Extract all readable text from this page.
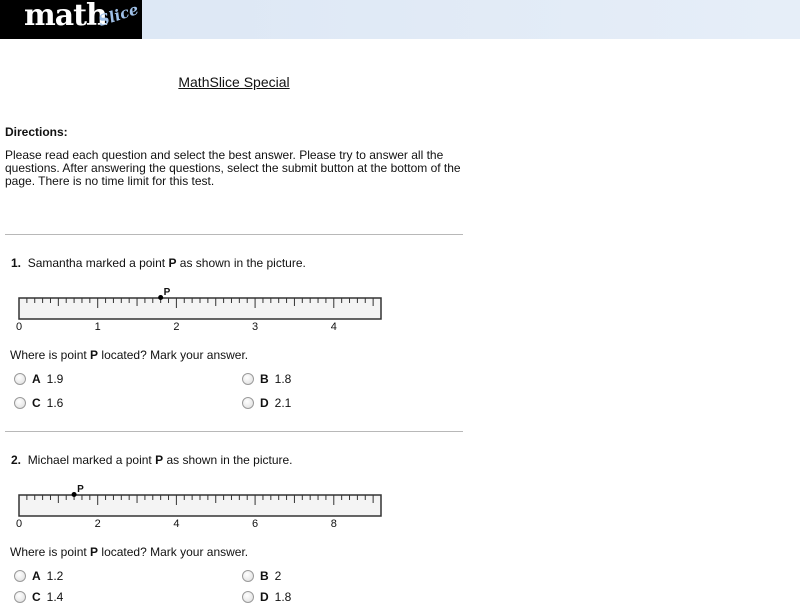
math
Slice
MathSlice Special
Directions:
Please read each question and select the best answer. Please try to answer all the questions. After answering the questions, select the submit button at the bottom of the page. There is no time limit for this test.
1. Samantha marked a point P as shown in the picture.
0	1	2	3	4
P
Where is point P located? Mark your answer.
A 1.9	B 1.8
C 1.6	D 2.1
2. Michael marked a point P as shown in the picture.
0	2	4	6	8
P
Where is point P located? Mark your answer.
A 1.2	B 2
C 1.4	D 1.8
